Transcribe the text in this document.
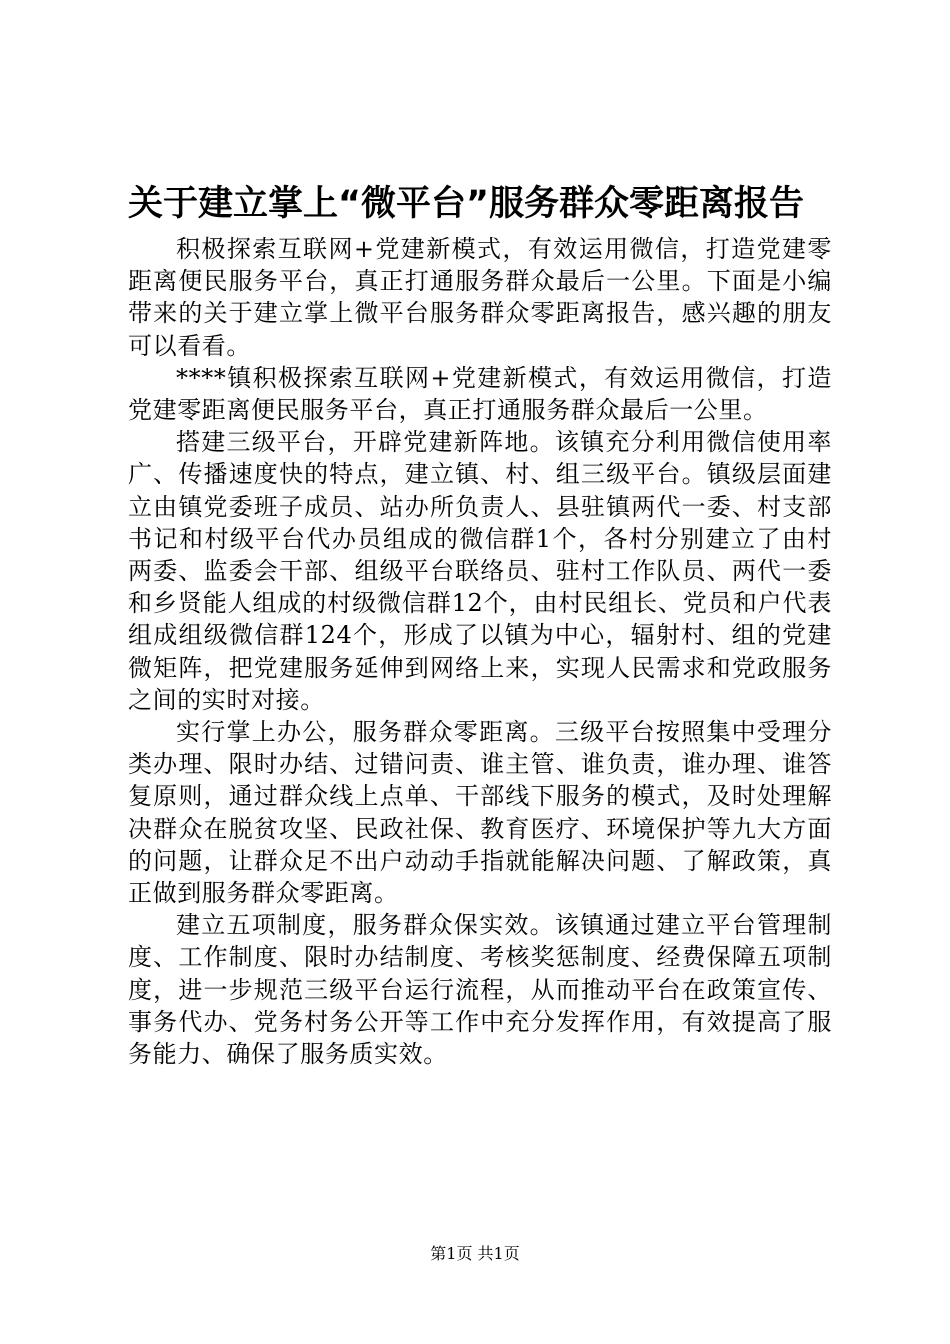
关于建立掌上“微平台”服务群众零距离报告

积极探索互联网+党建新模式，有效运用微信，打造党建零距离便民服务平台，真正打通服务群众最后一公里。下面是小编带来的关于建立掌上微平台服务群众零距离报告，感兴趣的朋友可以看看。

****镇积极探索互联网+党建新模式，有效运用微信，打造党建零距离便民服务平台，真正打通服务群众最后一公里。

搭建三级平台，开辟党建新阵地。该镇充分利用微信使用率广、传播速度快的特点，建立镇、村、组三级平台。镇级层面建立由镇党委班子成员、站办所负责人、县驻镇两代一委、村支部书记和村级平台代办员组成的微信群1个，各村分别建立了由村两委、监委会干部、组级平台联络员、驻村工作队员、两代一委和乡贤能人组成的村级微信群12个，由村民组长、党员和户代表组成组级微信群124个，形成了以镇为中心，辐射村、组的党建微矩阵，把党建服务延伸到网络上来，实现人民需求和党政服务之间的实时对接。

实行掌上办公，服务群众零距离。三级平台按照集中受理分类办理、限时办结、过错问责、谁主管、谁负责，谁办理、谁答复原则，通过群众线上点单、干部线下服务的模式，及时处理解决群众在脱贫攻坚、民政社保、教育医疗、环境保护等九大方面的问题，让群众足不出户动动手指就能解决问题、了解政策，真正做到服务群众零距离。

建立五项制度，服务群众保实效。该镇通过建立平台管理制度、工作制度、限时办结制度、考核奖惩制度、经费保障五项制度，进一步规范三级平台运行流程，从而推动平台在政策宣传、事务代办、党务村务公开等工作中充分发挥作用，有效提高了服务能力、确保了服务质实效。

第1页 共1页
